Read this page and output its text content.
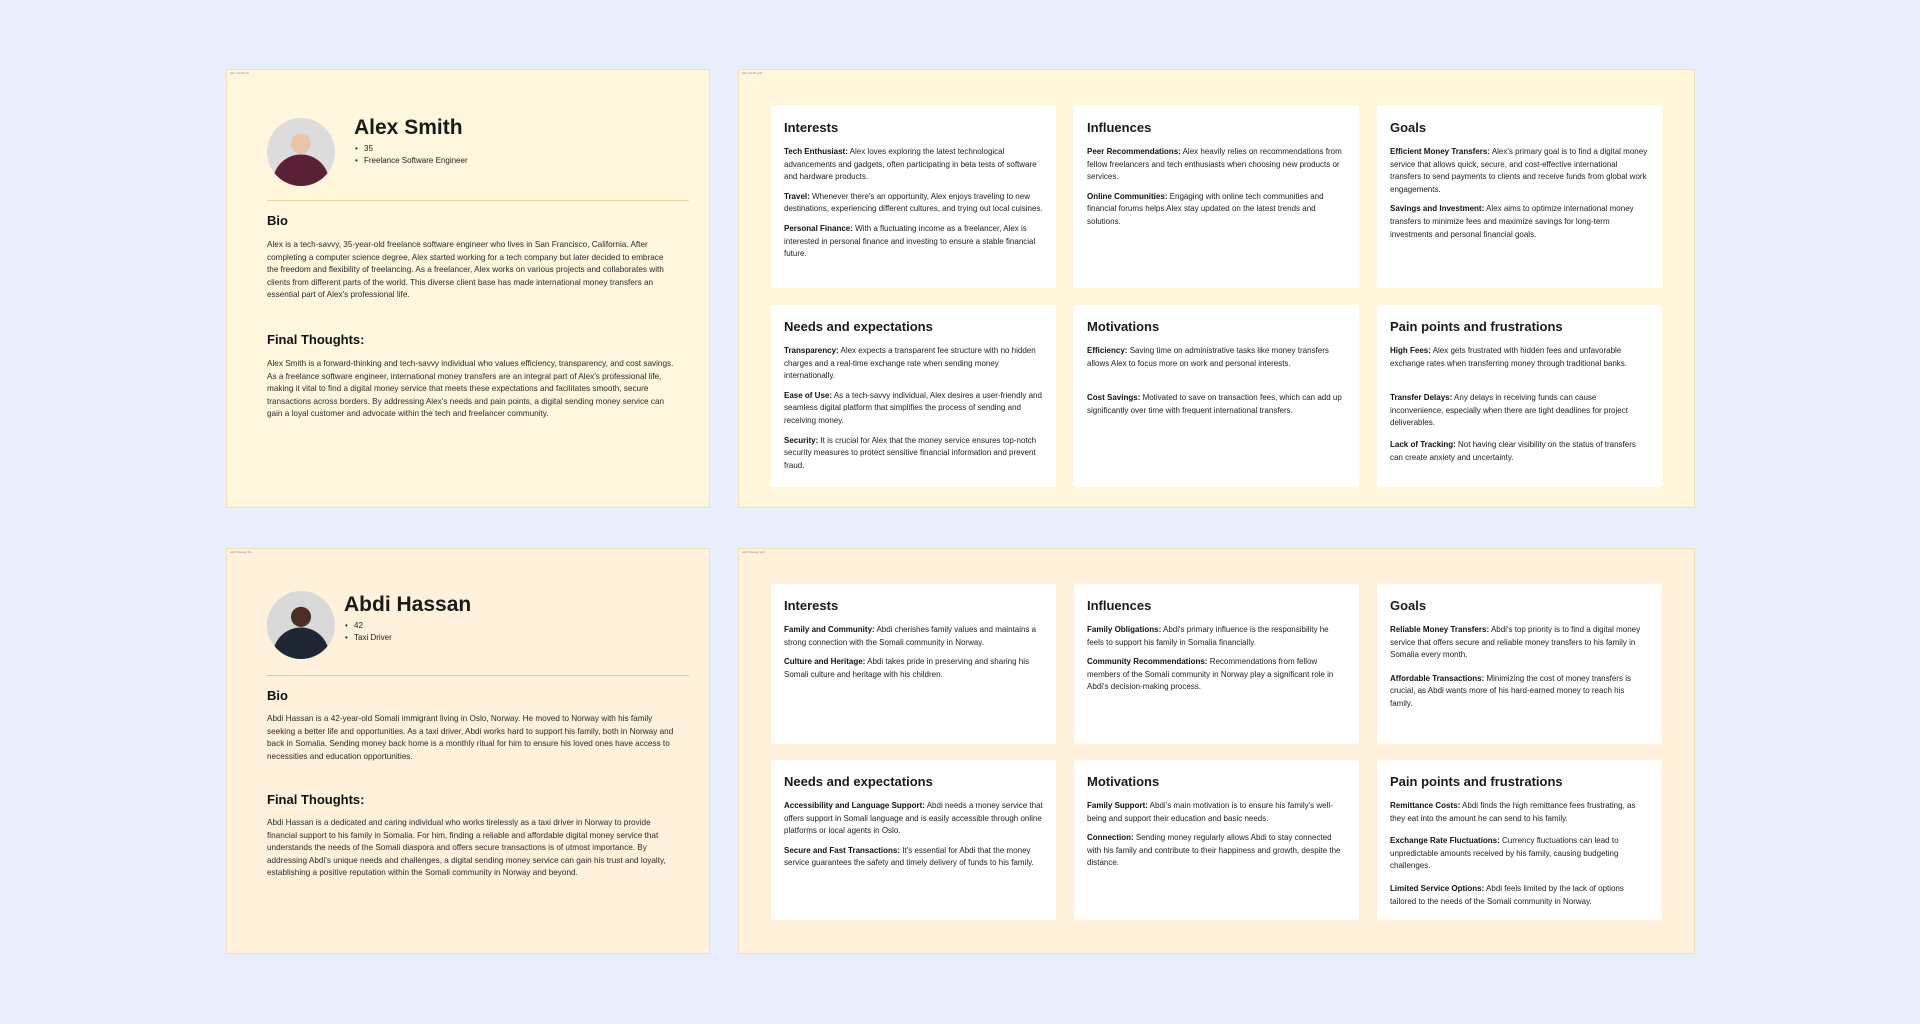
Alex Smith bio
Alex Smith
• 35
• Freelance Software Engineer
Bio

Alex is a tech-savvy, 35-year-old freelance software engineer who lives in San Francisco, California. After completing a computer science degree, Alex started working for a tech company but later decided to embrace the freedom and flexibility of freelancing. As a freelancer, Alex works on various projects and collaborates with clients from different parts of the world. This diverse client base has made international money transfers an essential part of Alex's professional life.

Final Thoughts:

Alex Smith is a forward-thinking and tech-savvy individual who values efficiency, transparency, and cost savings. As a freelance software engineer, international money transfers are an integral part of Alex's professional life, making it vital to find a digital money service that meets these expectations and facilitates smooth, secure transactions across borders. By addressing Alex's needs and pain points, a digital sending money service can gain a loyal customer and advocate within the tech and freelancer community.

Alex Smith grid
Interests

Tech Enthusiast: Alex loves exploring the latest technological advancements and gadgets, often participating in beta tests of software and hardware products.

Travel: Whenever there's an opportunity, Alex enjoys traveling to new destinations, experiencing different cultures, and trying out local cuisines.

Personal Finance: With a fluctuating income as a freelancer, Alex is interested in personal finance and investing to ensure a stable financial future.

Influences

Peer Recommendations: Alex heavily relies on recommendations from fellow freelancers and tech enthusiasts when choosing new products or services.

Online Communities: Engaging with online tech communities and financial forums helps Alex stay updated on the latest trends and solutions.

Goals

Efficient Money Transfers: Alex's primary goal is to find a digital money service that allows quick, secure, and cost-effective international transfers to send payments to clients and receive funds from global work engagements.

Savings and Investment: Alex aims to optimize international money transfers to minimize fees and maximize savings for long-term investments and personal financial goals.

Needs and expectations

Transparency: Alex expects a transparent fee structure with no hidden charges and a real-time exchange rate when sending money internationally.

Ease of Use: As a tech-savvy individual, Alex desires a user-friendly and seamless digital platform that simplifies the process of sending and receiving money.

Security: It is crucial for Alex that the money service ensures top-notch security measures to protect sensitive financial information and prevent fraud.

Motivations

Efficiency: Saving time on administrative tasks like money transfers allows Alex to focus more on work and personal interests.

Cost Savings: Motivated to save on transaction fees, which can add up significantly over time with frequent international transfers.

Pain points and frustrations

High Fees: Alex gets frustrated with hidden fees and unfavorable exchange rates when transferring money through traditional banks.

Transfer Delays: Any delays in receiving funds can cause inconvenience, especially when there are tight deadlines for project deliverables.

Lack of Tracking: Not having clear visibility on the status of transfers can create anxiety and uncertainty.

Abdi Hassan bio
Abdi Hassan
• 42
• Taxi Driver
Bio

Abdi Hassan is a 42-year-old Somali immigrant living in Oslo, Norway. He moved to Norway with his family seeking a better life and opportunities. As a taxi driver, Abdi works hard to support his family, both in Norway and back in Somalia. Sending money back home is a monthly ritual for him to ensure his loved ones have access to necessities and education opportunities.

Final Thoughts:

Abdi Hassan is a dedicated and caring individual who works tirelessly as a taxi driver in Norway to provide financial support to his family in Somalia. For him, finding a reliable and affordable digital money service that understands the needs of the Somali diaspora and offers secure transactions is of utmost importance. By addressing Abdi's unique needs and challenges, a digital sending money service can gain his trust and loyalty, establishing a positive reputation within the Somali community in Norway and beyond.

Abdi Hassan grid
Interests

Family and Community: Abdi cherishes family values and maintains a strong connection with the Somali community in Norway.

Culture and Heritage: Abdi takes pride in preserving and sharing his Somali culture and heritage with his children.

Influences

Family Obligations: Abdi's primary influence is the responsibility he feels to support his family in Somalia financially.

Community Recommendations: Recommendations from fellow members of the Somali community in Norway play a significant role in Abdi's decision-making process.

Goals

Reliable Money Transfers: Abdi's top priority is to find a digital money service that offers secure and reliable money transfers to his family in Somalia every month.

Affordable Transactions: Minimizing the cost of money transfers is crucial, as Abdi wants more of his hard-earned money to reach his family.

Needs and expectations

Accessibility and Language Support: Abdi needs a money service that offers support in Somali language and is easily accessible through online platforms or local agents in Oslo.

Secure and Fast Transactions: It's essential for Abdi that the money service guarantees the safety and timely delivery of funds to his family.

Motivations

Family Support: Abdi's main motivation is to ensure his family's well-being and support their education and basic needs.

Connection: Sending money regularly allows Abdi to stay connected with his family and contribute to their happiness and growth, despite the distance.

Pain points and frustrations

Remittance Costs: Abdi finds the high remittance fees frustrating, as they eat into the amount he can send to his family.

Exchange Rate Fluctuations: Currency fluctuations can lead to unpredictable amounts received by his family, causing budgeting challenges.

Limited Service Options: Abdi feels limited by the lack of options tailored to the needs of the Somali community in Norway.
